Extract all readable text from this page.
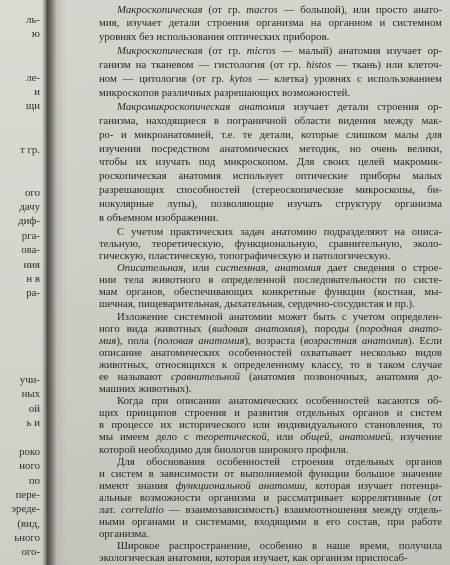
ль-
ю
ле-
и
щи
т гр.
ого
дачу
диф-
рга-
ова-
ния
н в
ра-
учи-
ных
ой
ь и
роко
ного
по
пере-
эреде-
(вид,
ьного
ого-
Макроскопическая (от гр. macros — большой), или просто анато-
мия, изучает детали строения организма на органном и системном
уровнях без использования оптических приборов.
Микроскопическая (от гр. micros — малый) анатомия изучает ор-
ганизм на тканевом — гистология (от гр. histos — ткань) или клеточ-
ном — цитология (от гр. kytos — клетка) уровнях с использованием
микроскопов различных разрешающих возможностей.
Макромикроскопическая анатомия изучает детали строения ор-
ганизма, находящиеся в пограничной области видения между мак-
ро- и микроанатомией, т.е. те детали, которые слишком малы для
изучения посредством анатомических методик, но очень велики,
чтобы их изучать под микроскопом. Для своих целей макромик-
роскопическая анатомия использует оптические приборы малых
разрешающих способностей (стереоскопические микроскопы, би-
нокулярные лупы), позволяющие изучать структуру организма
в объемном изображении.
С учетом практических задач анатомию подразделяют на описа-
тельную, теоретическую, функциональную, сравнительную, эколо-
гическую, пластическую, топографическую и патологическую.
Описательная, или системная, анатомия дает сведения о строе-
нии тела животного в определенной последовательности по систе-
мам органов, обеспечивающих конкретные функции (костная, мы-
шечная, пищеварительная, дыхательная, сердечно-сосудистая и пр.).
Изложение системной анатомии может быть с учетом определен-
ного вида животных (видовая анатомия), породы (породная анато-
мия), пола (половая анатомия), возраста (возрастная анатомия). Если
описание анатомических особенностей охватывает несколько видов
животных, относящихся к определенному классу, то в таком случае
ее называют сравнительной (анатомия позвоночных, анатомия до-
машних животных).
Когда при описании анатомических особенностей касаются об-
щих принципов строения и развития отдельных органов и систем
в процессе их исторического или индивидуального становления, то
мы имеем дело с теоретической, или общей, анатомией, изучение
которой необходимо для биологов широкого профиля.
Для обоснования особенностей строения отдельных органов
и систем в зависимости от выполняемой функции большое значение
имеют знания функциональной анатомии, которая изучает потенци-
альные возможности организма и рассматривает коррелятивные (от
лат. correlatio — взаимозависимость) взаимоотношения между отдель-
ными органами и системами, входящими в его состав, при работе
организма.
Широкое распространение, особенно в наше время, получила
экологическая анатомия, которая изучает, как организм приспосаб-
